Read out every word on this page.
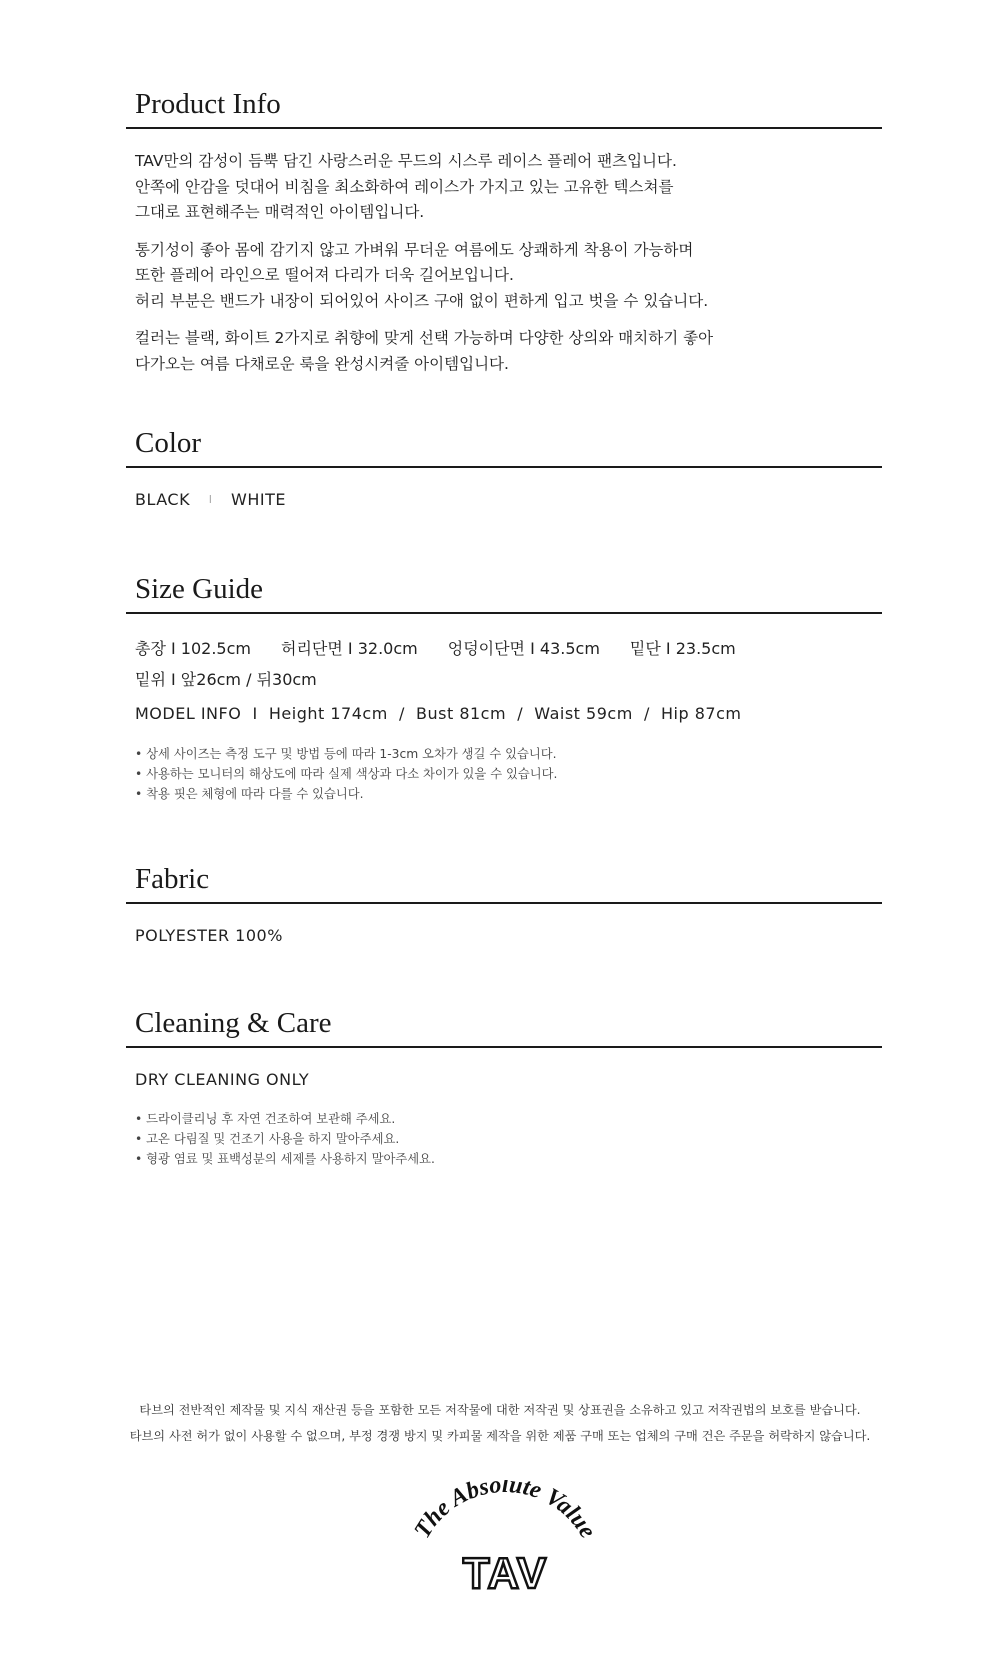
Product Info

TAV만의 감성이 듬뿍 담긴 사랑스러운 무드의 시스루 레이스 플레어 팬츠입니다.
안쪽에 안감을 덧대어 비침을 최소화하여 레이스가 가지고 있는 고유한 텍스쳐를
그대로 표현해주는 매력적인 아이템입니다.

통기성이 좋아 몸에 감기지 않고 가벼워 무더운 여름에도 상쾌하게 착용이 가능하며
또한 플레어 라인으로 떨어져 다리가 더욱 길어보입니다.
허리 부분은 밴드가 내장이 되어있어 사이즈 구애 없이 편하게 입고 벗을 수 있습니다.

컬러는 블랙, 화이트 2가지로 취향에 맞게 선택 가능하며 다양한 상의와 매치하기 좋아
다가오는 여름 다채로운 룩을 완성시켜줄 아이템입니다.

Color
BLACK I WHITE
Size Guide
총장 I 102.5cm 허리단면 I 32.0cm 엉덩이단면 I 43.5cm 밑단 I 23.5cm
밑위 I 앞26cm / 뒤30cm
MODEL INFO  I  Height 174cm  /  Bust 81cm  /  Waist 59cm  /  Hip 87cm
• 상세 사이즈는 측정 도구 및 방법 등에 따라 1-3cm 오차가 생길 수 있습니다.
• 사용하는 모니터의 해상도에 따라 실제 색상과 다소 차이가 있을 수 있습니다.
• 착용 핏은 체형에 따라 다를 수 있습니다.
Fabric
POLYESTER 100%
Cleaning & Care
DRY CLEANING ONLY
• 드라이클리닝 후 자연 건조하여 보관해 주세요.
• 고온 다림질 및 건조기 사용을 하지 말아주세요.
• 형광 염료 및 표백성분의 세제를 사용하지 말아주세요.

타브의 전반적인 제작물 및 지식 재산권 등을 포함한 모든 저작물에 대한 저작권 및 상표권을 소유하고 있고 저작권법의 보호를 받습니다.

타브의 사전 허가 없이 사용할 수 없으며, 부정 경쟁 방지 및 카피물 제작을 위한 제품 구매 또는 업체의 구매 건은 주문을 허락하지 않습니다.

The Absolute Value
TAV
